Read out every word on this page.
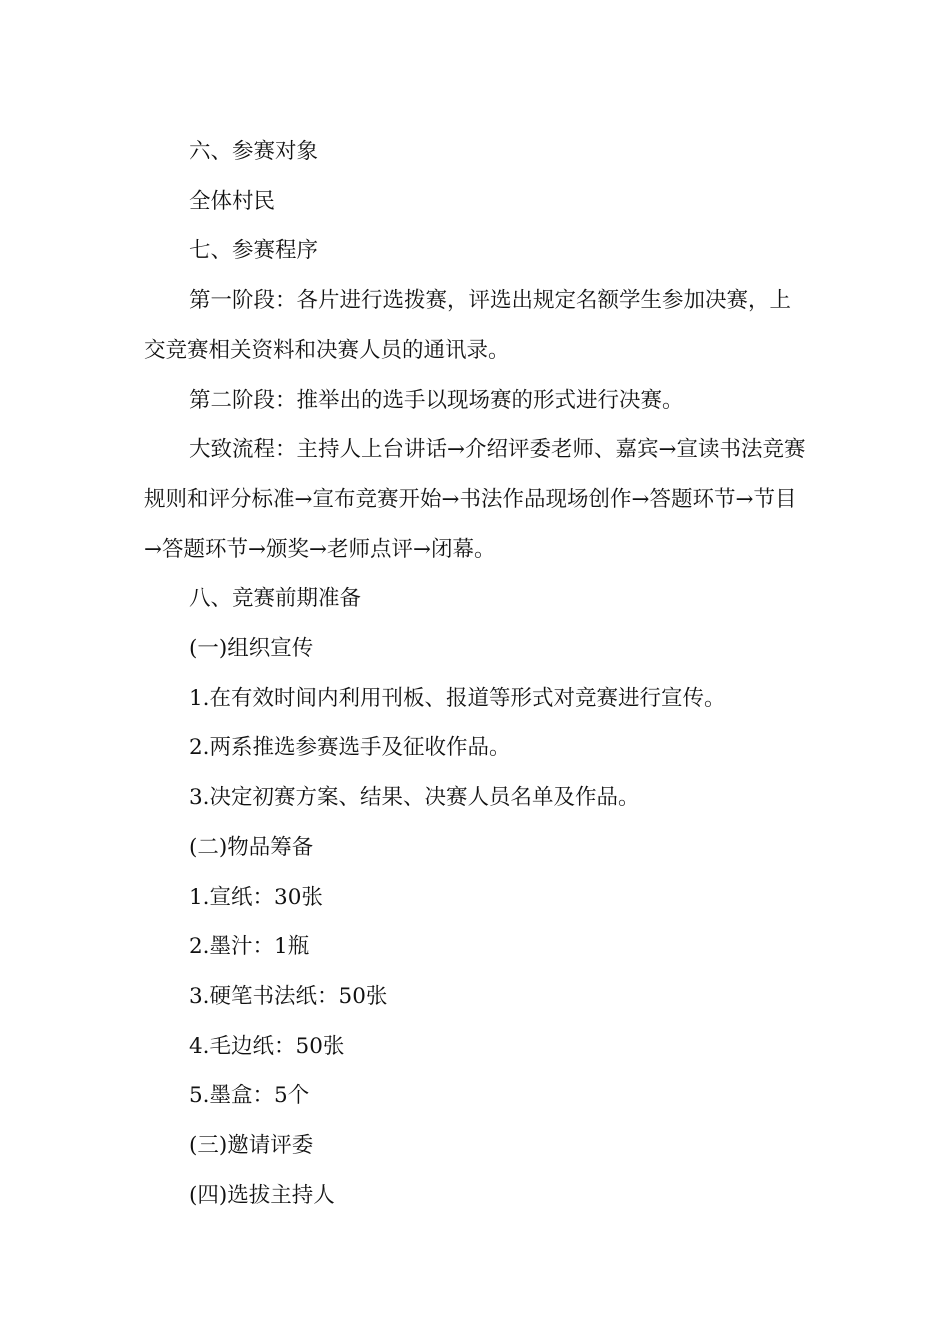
六、参赛对象

全体村民

七、参赛程序

第一阶段：各片进行选拨赛，评选出规定名额学生参加决赛，上交竞赛相关资料和决赛人员的通讯录。

第二阶段：推举出的选手以现场赛的形式进行决赛。

大致流程：主持人上台讲话→介绍评委老师、嘉宾→宣读书法竞赛规则和评分标准→宣布竞赛开始→书法作品现场创作→答题环节→节目→答题环节→颁奖→老师点评→闭幕。

八、竞赛前期准备

(一)组织宣传

1.在有效时间内利用刊板、报道等形式对竞赛进行宣传。

2.两系推选参赛选手及征收作品。

3.决定初赛方案、结果、决赛人员名单及作品。

(二)物品筹备

1.宣纸：30张

2.墨汁：1瓶

3.硬笔书法纸：50张

4.毛边纸：50张

5.墨盒：5个

(三)邀请评委

(四)选拔主持人
